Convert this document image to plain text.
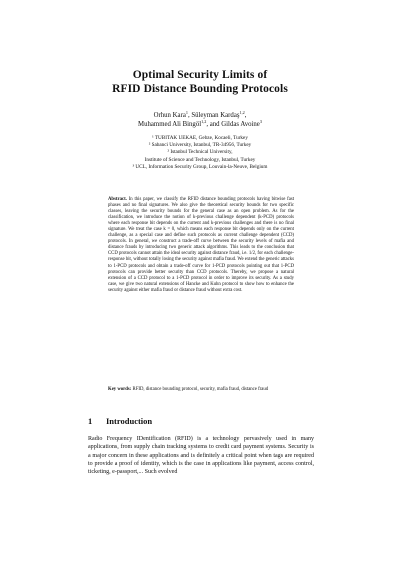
Optimal Security Limits of
RFID Distance Bounding Protocols
Orhun Kara$^1$, Süleyman Kardaş$^{1,2}$,
Muhammed Ali Bingöl$^{1,2}$, and Gildas Avoine$^3$
¹ TUBITAK UEKAE, Gebze, Kocaeli, Turkey
² Sabanci University, Istanbul, TR-34956, Turkey
² Istanbul Technical University,
Institute of Science and Technology, Istanbul, Turkey
³ UCL, Information Security Group, Louvain-la-Neuve, Belgium
Abstract. In this paper, we classify the RFID distance bounding protocols having bitwise fast phases and no final signatures. We also give the theoretical security bounds for two specific classes, leaving the security bounds for the general case as an open problem. As for the classification, we introduce the notion of k-previous challenge dependent (k-PCD) protocols where each response bit depends on the current and k-previous challenges and there is no final signature. We treat the case k = 0, which means each response bit depends only on the current challenge, as a special case and define such protocols as current challenge dependent (CCD) protocols. In general, we construct a trade-off curve between the security levels of mafia and distance frauds by introducing two generic attack algorithms. This leads to the conclusion that CCD protocols cannot attain the ideal security against distance fraud, i.e. 1/2, for each challenge-response bit, without totally losing the security against mafia fraud. We extend the generic attacks to 1-PCD protocols and obtain a trade-off curve for 1-PCD protocols pointing out that 1-PCD protocols can provide better security than CCD protocols. Thereby, we propose a natural extension of a CCD protocol to a 1-PCD protocol in order to improve its security. As a study case, we give two natural extensions of Hancke and Kuhn protocol to show how to enhance the security against either mafia fraud or distance fraud without extra cost.
Key words: RFID, distance bounding protocol, security, mafia fraud, distance fraud
1 Introduction
Radio Frequency IDentification (RFID) is a technology pervasively used in many applications, from supply chain tracking systems to credit card payment systems. Security is a major concern in these applications and is definitely a critical point when tags are required to provide a proof of identity, which is the case in applications like payment, access control, ticketing, e-passport,... Such evolved
